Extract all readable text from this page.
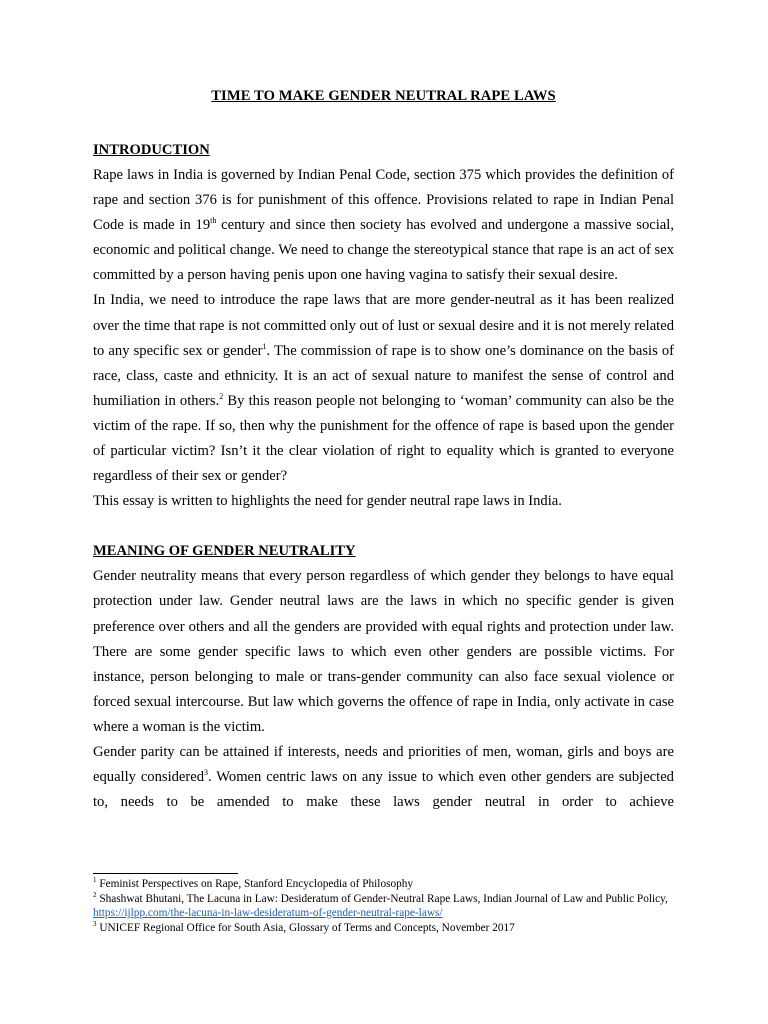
TIME TO MAKE GENDER NEUTRAL RAPE LAWS
INTRODUCTION

Rape laws in India is governed by Indian Penal Code, section 375 which provides the definition of rape and section 376 is for punishment of this offence. Provisions related to rape in Indian Penal Code is made in 19th century and since then society has evolved and undergone a massive social, economic and political change. We need to change the stereotypical stance that rape is an act of sex committed by a person having penis upon one having vagina to satisfy their sexual desire.

In India, we need to introduce the rape laws that are more gender-neutral as it has been realized over the time that rape is not committed only out of lust or sexual desire and it is not merely related to any specific sex or gender$^1$. The commission of rape is to show one’s dominance on the basis of race, class, caste and ethnicity. It is an act of sexual nature to manifest the sense of control and humiliation in others.$^2$ By this reason people not belonging to ‘woman’ community can also be the victim of the rape. If so, then why the punishment for the offence of rape is based upon the gender of particular victim? Isn’t it the clear violation of right to equality which is granted to everyone regardless of their sex or gender?

This essay is written to highlights the need for gender neutral rape laws in India.

MEANING OF GENDER NEUTRALITY

Gender neutrality means that every person regardless of which gender they belongs to have equal protection under law. Gender neutral laws are the laws in which no specific gender is given preference over others and all the genders are provided with equal rights and protection under law. There are some gender specific laws to which even other genders are possible victims. For instance, person belonging to male or trans-gender community can also face sexual violence or forced sexual intercourse. But law which governs the offence of rape in India, only activate in case where a woman is the victim.

Gender parity can be attained if interests, needs and priorities of men, woman, girls and boys are equally considered$^3$. Women centric laws on any issue to which even other genders are subjected to, needs to be amended to make these laws gender neutral in order to achieve

$^1$ Feminist Perspectives on Rape, Stanford Encyclopedia of Philosophy

$^2$ Shashwat Bhutani, The Lacuna in Law: Desideratum of Gender-Neutral Rape Laws, Indian Journal of Law and Public Policy, https://ijlpp.com/the-lacuna-in-law-desideratum-of-gender-neutral-rape-laws/

$^3$ UNICEF Regional Office for South Asia, Glossary of Terms and Concepts, November 2017
